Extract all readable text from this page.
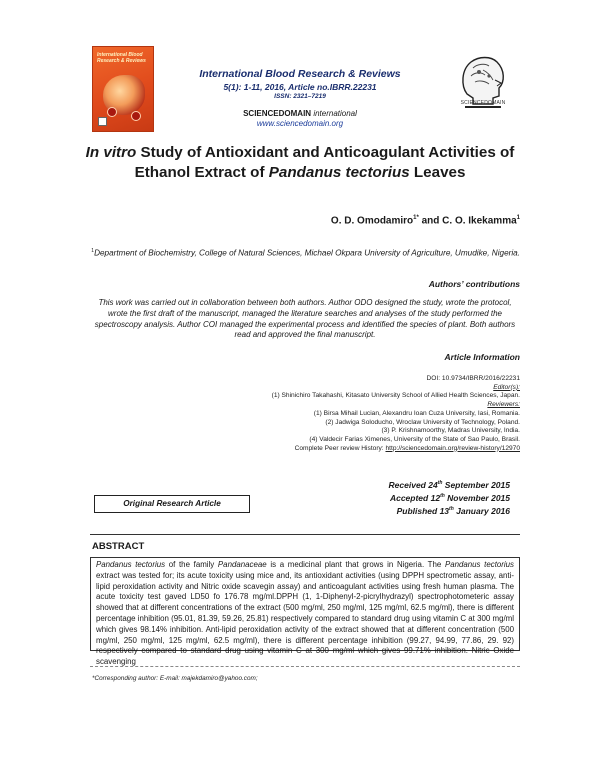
International Blood Research & Reviews
International Blood Research & Reviews
5(1): 1-11, 2016, Article no.IBRR.22231
ISSN: 2321–7219
SCIENCEDOMAIN international
www.sciencedomain.org
SCIENCEDOMAIN
In vitro Study of Antioxidant and Anticoagulant Activities of Ethanol Extract of Pandanus tectorius Leaves
O. D. Omodamiro$^{1*}$ and C. O. Ikekamma$^1$
$^1$Department of Biochemistry, College of Natural Sciences, Michael Okpara University of Agriculture, Umudike, Nigeria.
Authors’ contributions
This work was carried out in collaboration between both authors. Author ODO designed the study, wrote the protocol, wrote the first draft of the manuscript, managed the literature searches and analyses of the study performed the spectroscopy analysis. Author COI managed the experimental process and identified the species of plant. Both authors read and approved the final manuscript.
Article Information
DOI: 10.9734/IBRR/2016/22231
Editor(s):
(1) Shinichiro Takahashi, Kitasato University School of Allied Health Sciences, Japan.
Reviewers:
(1) Birsa Mihail Lucian, Alexandru Ioan Cuza University, Iasi, Romania.
(2) Jadwiga Soloducho, Wroclaw University of Technology, Poland.
(3) P. Krishnamoorthy, Madras University, India.
(4) Valdecir Farias Ximenes, University of the State of Sao Paulo, Brasil.
Complete Peer review History: http://sciencedomain.org/review-history/12970
Original Research Article
Received 24th September 2015
Accepted 12th November 2015
Published 13th January 2016
ABSTRACT
Pandanus tectorius of the family Pandanaceae is a medicinal plant that grows in Nigeria. The Pandanus tectorius extract was tested for; its acute toxicity using mice and, its antioxidant activities (using DPPH spectrometic assay, anti-lipid peroxidation activity and Nitric oxide scavegin assay) and anticoagulant activities using fresh human plasma. The acute toxicity test gaved LD50 fo 176.78 mg/ml.DPPH (1, 1-Diphenyl-2-picrylhydrazyl) spectrophotometeric assay showed that at different concentrations of the extract (500 mg/ml, 250 mg/ml, 125 mg/ml, 62.5 mg/ml), there is different percentage inhibition (95.01, 81.39, 59.26, 25.81) respectively compared to standard drug using vitamin C at 300 mg/ml which gives 98.14% inhibition. Anti-lipid peroxidation activity of the extract showed that at different concentration (500 mg/ml, 250 mg/ml, 125 mg/ml, 62.5 mg/ml), there is different percentage inhibition (99.27, 94.99, 77.86, 29. 92) respectively compared to standard drug using vitamin C at 300 mg/ml which gives 99.71% inhibition. Nitric Oxide scavenging
*Corresponding author: E-mail: majekdamiro@yahoo.com;
